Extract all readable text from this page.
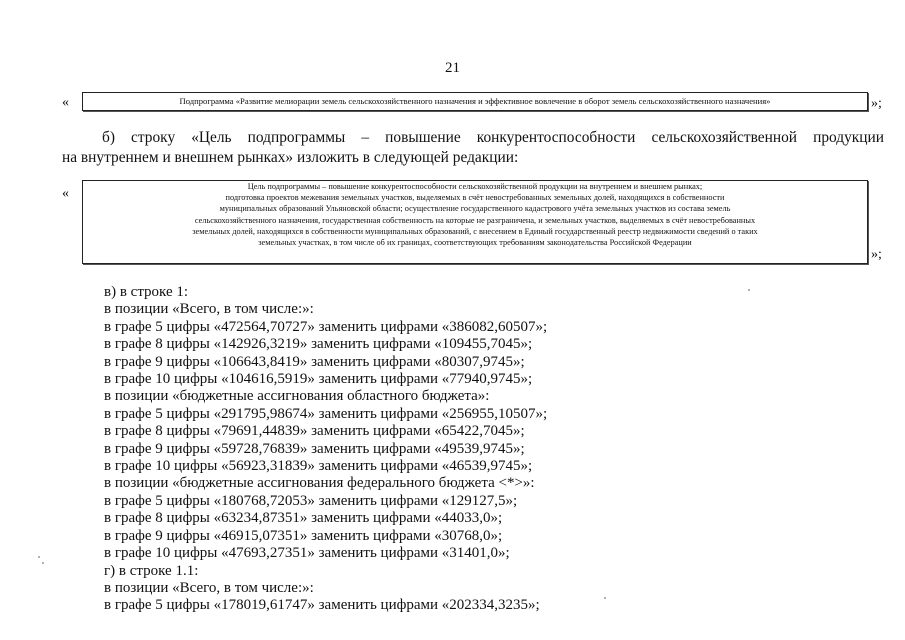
21
«	Подпрограмма «Развитие мелиорации земель сельскохозяйственного назначения и эффективное вовлечение в оборот земель сельскохозяйственного назначения»	»;
б) строку «Цель подпрограммы – повышение конкурентоспособности сельскохозяйственной продукции
на внутреннем и внешнем рынках» изложить в следующей редакции:
«	Цель подпрограммы – повышение конкурентоспособности сельскохозяйственной продукции на внутреннем и внешнем рынках;
подготовка проектов межевания земельных участков, выделяемых в счёт невостребованных земельных долей, находящихся в собственности
муниципальных образований Ульяновской области; осуществление государственного кадастрового учёта земельных участков из состава земель
сельскохозяйственного назначения, государственная собственность на которые не разграничена, и земельных участков, выделяемых в счёт невостребованных
земельных долей, находящихся в собственности муниципальных образований, с внесением в Единый государственный реестр недвижимости сведений о таких
земельных участках, в том числе об их границах, соответствующих требованиям законодательства Российской Федерации
»;
в) в строке 1:
в позиции «Всего, в том числе:»:
в графе 5 цифры «472564,70727» заменить цифрами «386082,60507»;
в графе 8 цифры «142926,3219» заменить цифрами «109455,7045»;
в графе 9 цифры «106643,8419» заменить цифрами «80307,9745»;
в графе 10 цифры «104616,5919» заменить цифрами «77940,9745»;
в позиции «бюджетные ассигнования областного бюджета»:
в графе 5 цифры «291795,98674» заменить цифрами «256955,10507»;
в графе 8 цифры «79691,44839» заменить цифрами «65422,7045»;
в графе 9 цифры «59728,76839» заменить цифрами «49539,9745»;
в графе 10 цифры «56923,31839» заменить цифрами «46539,9745»;
в позиции «бюджетные ассигнования федерального бюджета <*>»:
в графе 5 цифры «180768,72053» заменить цифрами «129127,5»;
в графе 8 цифры «63234,87351» заменить цифрами «44033,0»;
в графе 9 цифры «46915,07351» заменить цифрами «30768,0»;
в графе 10 цифры «47693,27351» заменить цифрами «31401,0»;
г) в строке 1.1:
в позиции «Всего, в том числе:»:
в графе 5 цифры «178019,61747» заменить цифрами «202334,3235»;
